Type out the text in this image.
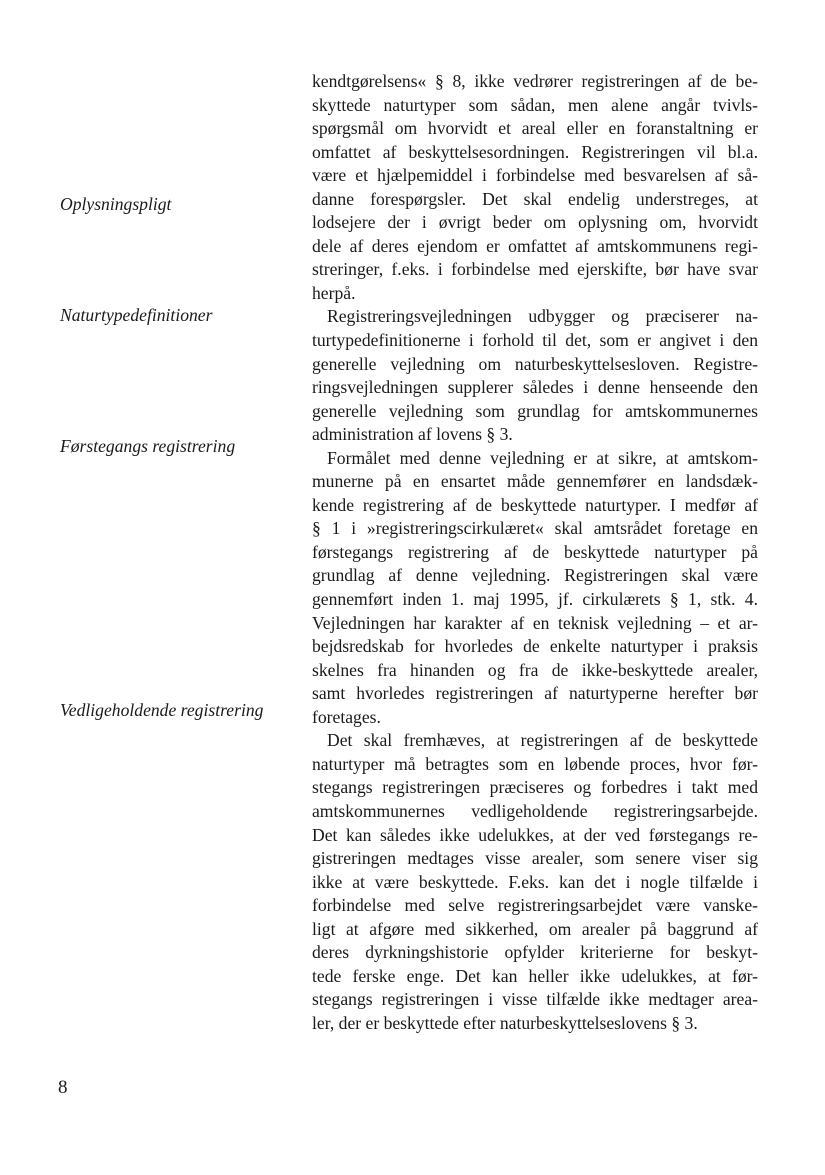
Oplysningspligt
Naturtypedefinitioner
Førstegangs registrering
Vedligeholdende registrering
kendtgørelsens« § 8, ikke vedrører registreringen af de be-
skyttede naturtyper som sådan, men alene angår tvivls-
spørgsmål om hvorvidt et areal eller en foranstaltning er
omfattet af beskyttelsesordningen. Registreringen vil bl.a.
være et hjælpemiddel i forbindelse med besvarelsen af så-
danne forespørgsler. Det skal endelig understreges, at
lodsejere der i øvrigt beder om oplysning om, hvorvidt
dele af deres ejendom er omfattet af amtskommunens regi-
streringer, f.eks. i forbindelse med ejerskifte, bør have svar
herpå.
Registreringsvejledningen udbygger og præciserer na-
turtypedefinitionerne i forhold til det, som er angivet i den
generelle vejledning om naturbeskyttelsesloven. Registre-
ringsvejledningen supplerer således i denne henseende den
generelle vejledning som grundlag for amtskommunernes
administration af lovens § 3.
Formålet med denne vejledning er at sikre, at amtskom-
munerne på en ensartet måde gennemfører en landsdæk-
kende registrering af de beskyttede naturtyper. I medfør af
§ 1 i »registreringscirkulæret« skal amtsrådet foretage en
førstegangs registrering af de beskyttede naturtyper på
grundlag af denne vejledning. Registreringen skal være
gennemført inden 1. maj 1995, jf. cirkulærets § 1, stk. 4.
Vejledningen har karakter af en teknisk vejledning – et ar-
bejdsredskab for hvorledes de enkelte naturtyper i praksis
skelnes fra hinanden og fra de ikke-beskyttede arealer,
samt hvorledes registreringen af naturtyperne herefter bør
foretages.
Det skal fremhæves, at registreringen af de beskyttede
naturtyper må betragtes som en løbende proces, hvor før-
stegangs registreringen præciseres og forbedres i takt med
amtskommunernes vedligeholdende registreringsarbejde.
Det kan således ikke udelukkes, at der ved førstegangs re-
gistreringen medtages visse arealer, som senere viser sig
ikke at være beskyttede. F.eks. kan det i nogle tilfælde i
forbindelse med selve registreringsarbejdet være vanske-
ligt at afgøre med sikkerhed, om arealer på baggrund af
deres dyrkningshistorie opfylder kriterierne for beskyt-
tede ferske enge. Det kan heller ikke udelukkes, at før-
stegangs registreringen i visse tilfælde ikke medtager area-
ler, der er beskyttede efter naturbeskyttelseslovens § 3.
8
